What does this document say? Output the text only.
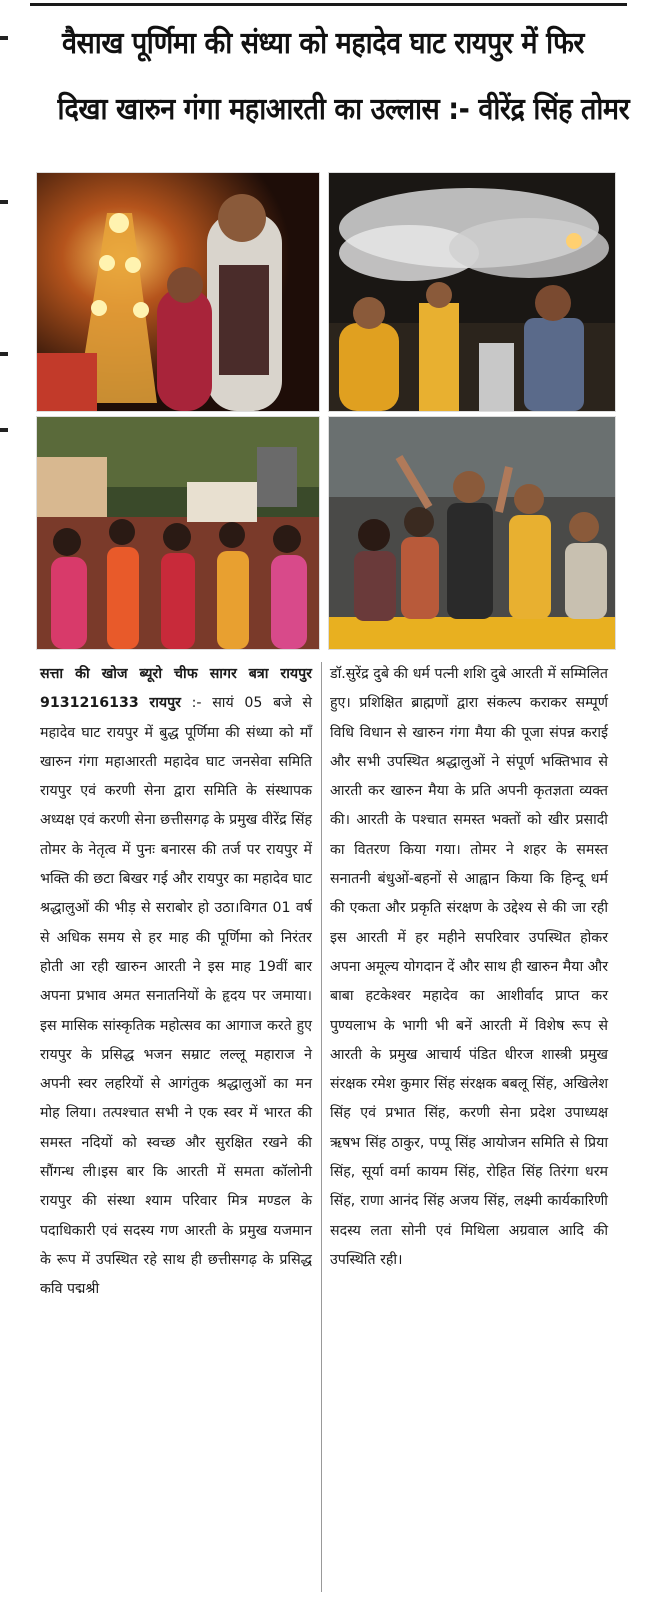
वैसाख पूर्णिमा की संध्या को महादेव घाट रायपुर में फिर
दिखा खारुन गंगा महाआरती का उल्लास :- वीरेंद्र सिंह तोमर

सत्ता की खोज ब्यूरो चीफ सागर बत्रा रायपुर 9131216133 रायपुर :- सायं 05 बजे से महादेव घाट रायपुर में बुद्ध पूर्णिमा की संध्या को माँ खारुन गंगा महाआरती महादेव घाट जनसेवा समिति रायपुर एवं करणी सेना द्वारा समिति के संस्थापक अध्यक्ष एवं करणी सेना छत्तीसगढ़ के प्रमुख वीरेंद्र सिंह तोमर के नेतृत्व में पुनः बनारस की तर्ज पर रायपुर में भक्ति की छटा बिखर गई और रायपुर का महादेव घाट श्रद्धालुओं की भीड़ से सराबोर हो उठा।विगत 01 वर्ष से अधिक समय से हर माह की पूर्णिमा को निरंतर होती आ रही खारुन आरती ने इस माह 19वीं बार अपना प्रभाव अमत सनातनियों के हृदय पर जमाया। इस मासिक सांस्कृतिक महोत्सव का आगाज करते हुए रायपुर के प्रसिद्ध भजन सम्राट लल्लू महाराज ने अपनी स्वर लहरियों से आगंतुक श्रद्धालुओं का मन मोह लिया। तत्पश्चात सभी ने एक स्वर में भारत की समस्त नदियों को स्वच्छ और सुरक्षित रखने की सौंगन्ध ली।इस बार कि आरती में समता कॉलोनी रायपुर की संस्था श्याम परिवार मित्र मण्डल के पदाधिकारी एवं सदस्य गण आरती के प्रमुख यजमान के रूप में उपस्थित रहे साथ ही छत्तीसगढ़ के प्रसिद्ध कवि पद्मश्री

डॉ.सुरेंद्र दुबे की धर्म पत्नी शशि दुबे आरती में सम्मिलित हुए। प्रशिक्षित ब्राह्मणों द्वारा संकल्प कराकर सम्पूर्ण विधि विधान से खारुन गंगा मैया की पूजा संपन्न कराई और सभी उपस्थित श्रद्धालुओं ने संपूर्ण भक्तिभाव से आरती कर खारुन मैया के प्रति अपनी कृतज्ञता व्यक्त की। आरती के पश्चात समस्त भक्तों को खीर प्रसादी का वितरण किया गया। तोमर ने शहर के समस्त सनातनी बंधुओं-बहनों से आह्वान किया कि हिन्दू धर्म की एकता और प्रकृति संरक्षण के उद्देश्य से की जा रही इस आरती में हर महीने सपरिवार उपस्थित होकर अपना अमूल्य योगदान दें और साथ ही खारुन मैया और बाबा हटकेश्वर महादेव का आशीर्वाद प्राप्त कर पुण्यलाभ के भागी भी बनें आरती में विशेष रूप से आरती के प्रमुख आचार्य पंडित धीरज शास्त्री प्रमुख संरक्षक रमेश कुमार सिंह संरक्षक बबलू सिंह, अखिलेश सिंह एवं प्रभात सिंह, करणी सेना प्रदेश उपाध्यक्ष ऋषभ सिंह ठाकुर, पप्पू सिंह आयोजन समिति से प्रिया सिंह, सूर्या वर्मा कायम सिंह, रोहित सिंह तिरंगा धरम सिंह, राणा आनंद सिंह अजय सिंह, लक्ष्मी कार्यकारिणी सदस्य लता सोनी एवं मिथिला अग्रवाल आदि की उपस्थिति रही।
